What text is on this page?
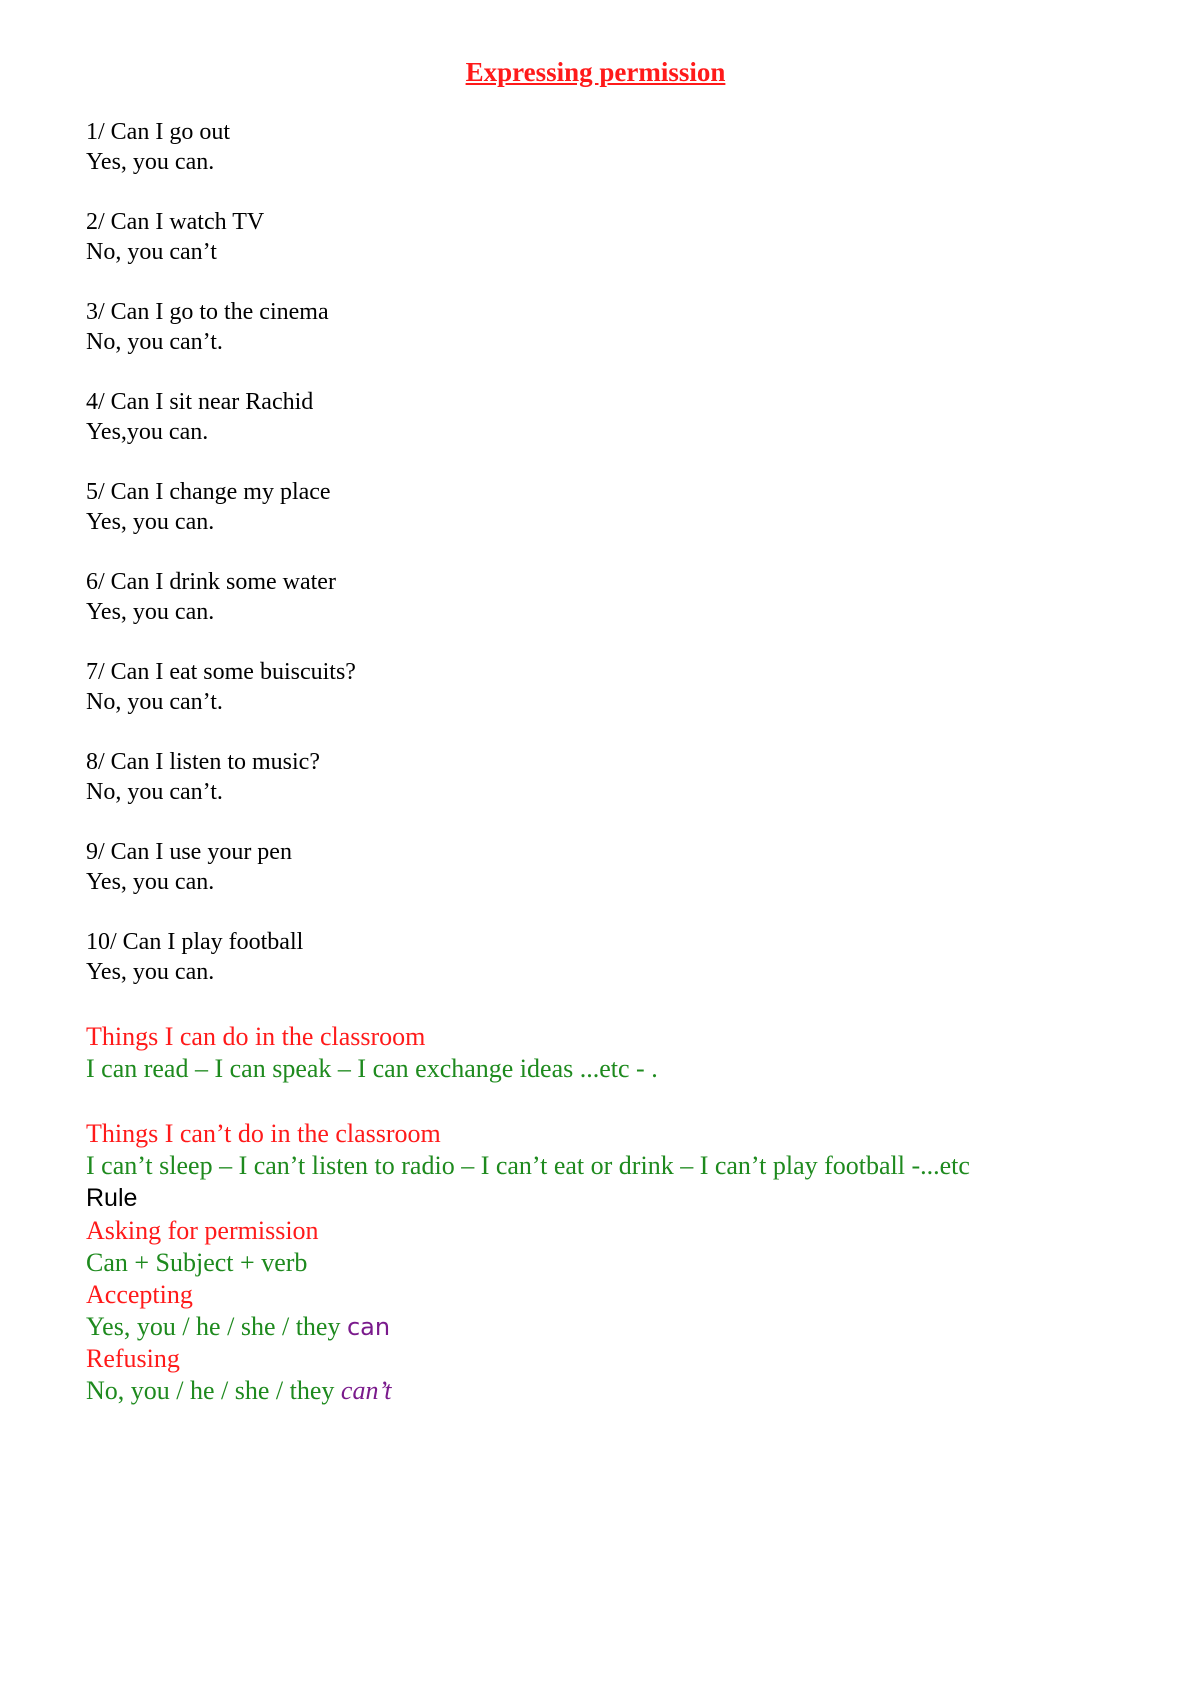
Expressing permission
1/ Can I go out
Yes, you can.
2/ Can I watch TV
No, you can’t
3/ Can I go to the cinema
No, you can’t.
4/ Can I sit near Rachid
Yes,you can.
5/ Can I change my place
Yes, you can.
6/ Can I drink some water
Yes, you can.
7/ Can I eat some buiscuits?
No, you can’t.
8/ Can I listen to music?
No, you can’t.
9/ Can I use your pen
Yes, you can.
10/ Can I play football
Yes, you can.
Things I can do in the classroom
I can read – I can speak – I can exchange ideas ...etc - .
Things I can’t do in the classroom
I can’t sleep – I can’t listen to radio – I can’t eat or drink – I can’t play football -...etc
Rule
Asking for permission
Can + Subject + verb
Accepting
Yes, you / he / she / they can
Refusing
No, you / he / she / they can’t
